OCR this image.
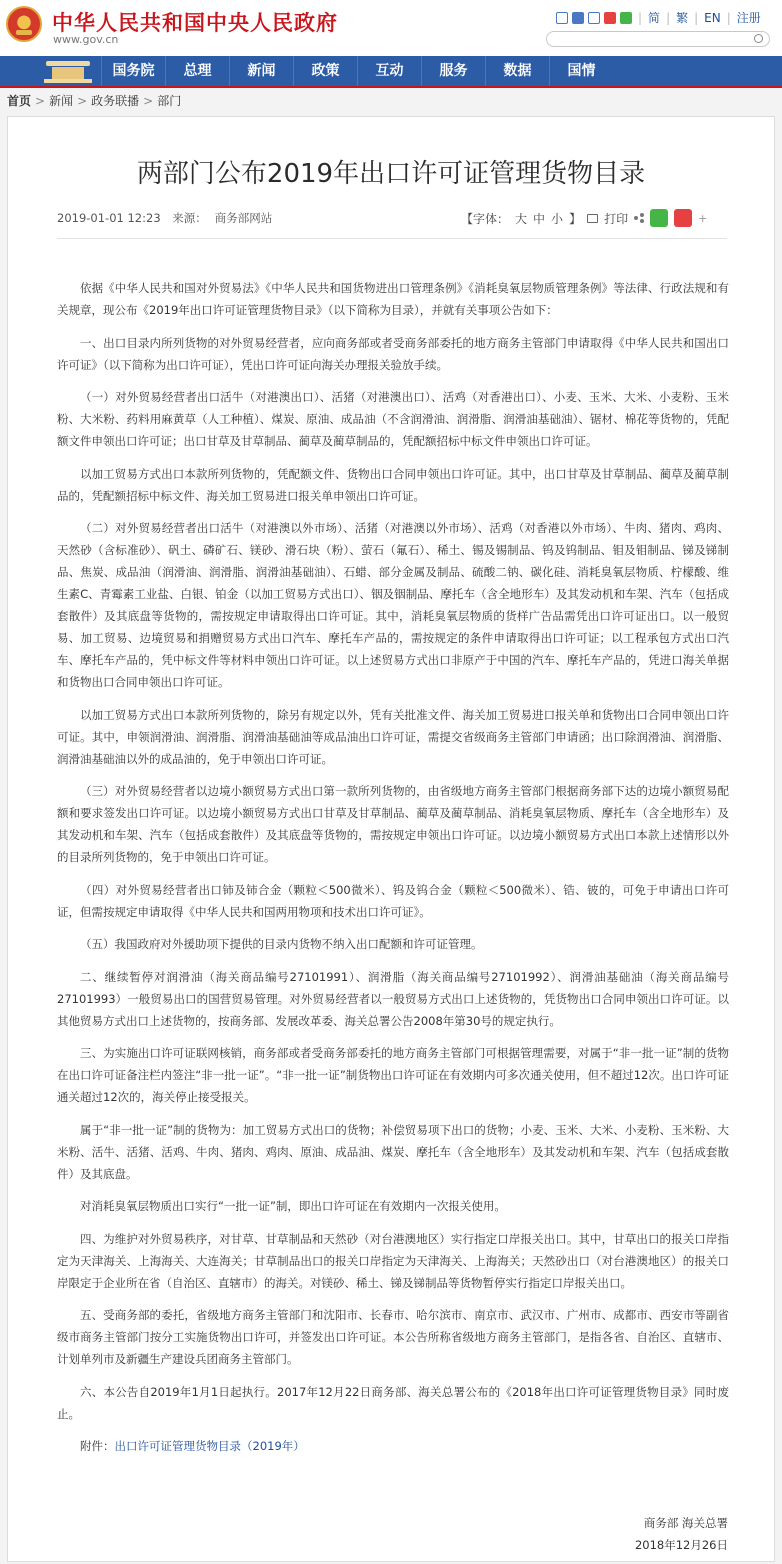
中华人民共和国中央人民政府
www.gov.cn
| 简 | 繁 | EN | 注册
国务院	总理	新闻	政策	互动	服务	数据	国情
首页 > 新闻 > 政务联播 > 部门
两部门公布2019年出口许可证管理货物目录
2019-01-01 12:23 来源： 商务部网站	【字体： 大 中 小 】 打印	+

依据《中华人民共和国对外贸易法》《中华人民共和国货物进出口管理条例》《消耗臭氧层物质管理条例》等法律、行政法规和有关规章，现公布《2019年出口许可证管理货物目录》（以下简称为目录），并就有关事项公告如下：

一、出口目录内所列货物的对外贸易经营者，应向商务部或者受商务部委托的地方商务主管部门申请取得《中华人民共和国出口许可证》（以下简称为出口许可证），凭出口许可证向海关办理报关验放手续。

（一）对外贸易经营者出口活牛（对港澳出口）、活猪（对港澳出口）、活鸡（对香港出口）、小麦、玉米、大米、小麦粉、玉米粉、大米粉、药料用麻黄草（人工种植）、煤炭、原油、成品油（不含润滑油、润滑脂、润滑油基础油）、锯材、棉花等货物的，凭配额文件申领出口许可证；出口甘草及甘草制品、蔺草及蔺草制品的，凭配额招标中标文件申领出口许可证。

以加工贸易方式出口本款所列货物的，凭配额文件、货物出口合同申领出口许可证。其中，出口甘草及甘草制品、蔺草及蔺草制品的，凭配额招标中标文件、海关加工贸易进口报关单申领出口许可证。

（二）对外贸易经营者出口活牛（对港澳以外市场）、活猪（对港澳以外市场）、活鸡（对香港以外市场）、牛肉、猪肉、鸡肉、天然砂（含标准砂）、矾土、磷矿石、镁砂、滑石块（粉）、萤石（氟石）、稀土、锡及锡制品、钨及钨制品、钼及钼制品、锑及锑制品、焦炭、成品油（润滑油、润滑脂、润滑油基础油）、石蜡、部分金属及制品、硫酸二钠、碳化硅、消耗臭氧层物质、柠檬酸、维生素C、青霉素工业盐、白银、铂金（以加工贸易方式出口）、铟及铟制品、摩托车（含全地形车）及其发动机和车架、汽车（包括成套散件）及其底盘等货物的，需按规定申请取得出口许可证。其中，消耗臭氧层物质的货样广告品需凭出口许可证出口。以一般贸易、加工贸易、边境贸易和捐赠贸易方式出口汽车、摩托车产品的，需按规定的条件申请取得出口许可证；以工程承包方式出口汽车、摩托车产品的，凭中标文件等材料申领出口许可证。以上述贸易方式出口非原产于中国的汽车、摩托车产品的，凭进口海关单据和货物出口合同申领出口许可证。

以加工贸易方式出口本款所列货物的，除另有规定以外，凭有关批准文件、海关加工贸易进口报关单和货物出口合同申领出口许可证。其中，申领润滑油、润滑脂、润滑油基础油等成品油出口许可证，需提交省级商务主管部门申请函；出口除润滑油、润滑脂、润滑油基础油以外的成品油的，免于申领出口许可证。

（三）对外贸易经营者以边境小额贸易方式出口第一款所列货物的，由省级地方商务主管部门根据商务部下达的边境小额贸易配额和要求签发出口许可证。以边境小额贸易方式出口甘草及甘草制品、蔺草及蔺草制品、消耗臭氧层物质、摩托车（含全地形车）及其发动机和车架、汽车（包括成套散件）及其底盘等货物的，需按规定申领出口许可证。以边境小额贸易方式出口本款上述情形以外的目录所列货物的，免于申领出口许可证。

（四）对外贸易经营者出口铈及铈合金（颗粒＜500微米）、钨及钨合金（颗粒＜500微米）、锆、铍的，可免于申请出口许可证，但需按规定申请取得《中华人民共和国两用物项和技术出口许可证》。

（五）我国政府对外援助项下提供的目录内货物不纳入出口配额和许可证管理。

二、继续暂停对润滑油（海关商品编号27101991）、润滑脂（海关商品编号27101992）、润滑油基础油（海关商品编号27101993）一般贸易出口的国营贸易管理。对外贸易经营者以一般贸易方式出口上述货物的，凭货物出口合同申领出口许可证。以其他贸易方式出口上述货物的，按商务部、发展改革委、海关总署公告2008年第30号的规定执行。

三、为实施出口许可证联网核销，商务部或者受商务部委托的地方商务主管部门可根据管理需要，对属于“非一批一证”制的货物在出口许可证备注栏内签注“非一批一证”。“非一批一证”制货物出口许可证在有效期内可多次通关使用，但不超过12次。出口许可证通关超过12次的，海关停止接受报关。

属于“非一批一证”制的货物为：加工贸易方式出口的货物；补偿贸易项下出口的货物；小麦、玉米、大米、小麦粉、玉米粉、大米粉、活牛、活猪、活鸡、牛肉、猪肉、鸡肉、原油、成品油、煤炭、摩托车（含全地形车）及其发动机和车架、汽车（包括成套散件）及其底盘。

对消耗臭氧层物质出口实行“一批一证”制，即出口许可证在有效期内一次报关使用。

四、为维护对外贸易秩序，对甘草、甘草制品和天然砂（对台港澳地区）实行指定口岸报关出口。其中，甘草出口的报关口岸指定为天津海关、上海海关、大连海关；甘草制品出口的报关口岸指定为天津海关、上海海关；天然砂出口（对台港澳地区）的报关口岸限定于企业所在省（自治区、直辖市）的海关。对镁砂、稀土、锑及锑制品等货物暂停实行指定口岸报关出口。

五、受商务部的委托，省级地方商务主管部门和沈阳市、长春市、哈尔滨市、南京市、武汉市、广州市、成都市、西安市等副省级市商务主管部门按分工实施货物出口许可，并签发出口许可证。本公告所称省级地方商务主管部门，是指各省、自治区、直辖市、计划单列市及新疆生产建设兵团商务主管部门。

六、本公告自2019年1月1日起执行。2017年12月22日商务部、海关总署公布的《2018年出口许可证管理货物目录》同时废止。

附件：出口许可证管理货物目录（2019年）

商务部 海关总署
2018年12月26日
